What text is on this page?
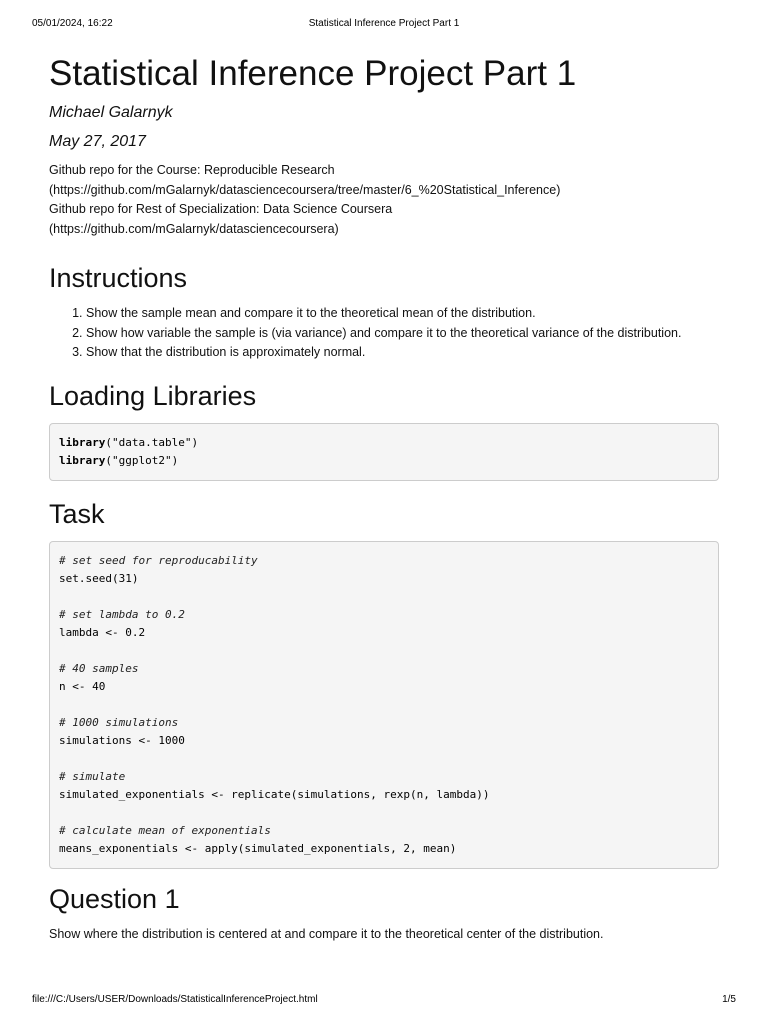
05/01/2024, 16:22	Statistical Inference Project Part 1
Statistical Inference Project Part 1

Michael Galarnyk

May 27, 2017

Github repo for the Course: Reproducible Research
(https://github.com/mGalarnyk/datasciencecoursera/tree/master/6_%20Statistical_Inference)
Github repo for Rest of Specialization: Data Science Coursera
(https://github.com/mGalarnyk/datasciencecoursera)

Instructions
1. Show the sample mean and compare it to the theoretical mean of the distribution.
2. Show how variable the sample is (via variance) and compare it to the theoretical variance of the distribution.
3. Show that the distribution is approximately normal.
Loading Libraries
library("data.table")
library("ggplot2")
Task
# set seed for reproducability
set.seed(31)
# set lambda to 0.2
lambda <- 0.2
# 40 samples
n <- 40
# 1000 simulations
simulations <- 1000
# simulate
simulated_exponentials <- replicate(simulations, rexp(n, lambda))
# calculate mean of exponentials
means_exponentials <- apply(simulated_exponentials, 2, mean)
Question 1

Show where the distribution is centered at and compare it to the theoretical center of the distribution.

file:///C:/Users/USER/Downloads/StatisticalInferenceProject.html	1/5
